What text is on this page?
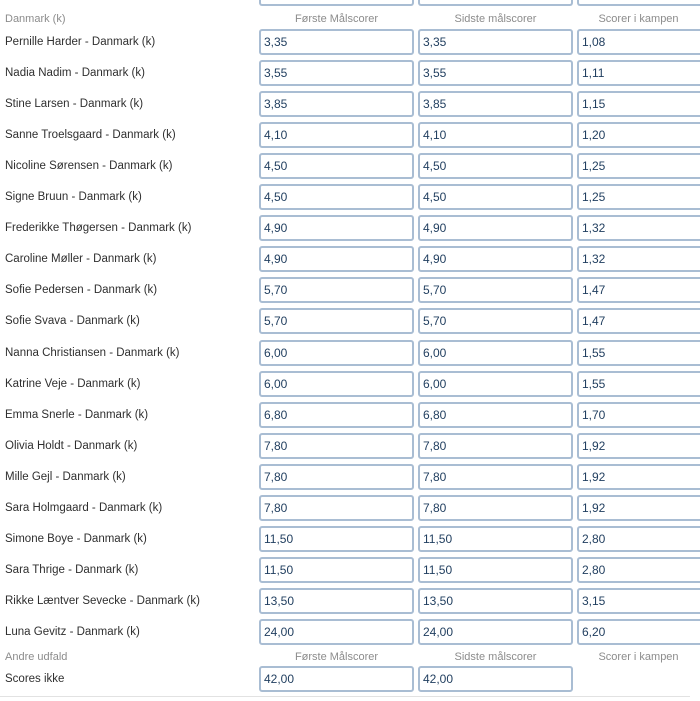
Danmark (k)	Første Målscorer	Sidste målscorer	Scorer i kampen
Pernille Harder - Danmark (k)	3,35	3,35	1,08
Nadia Nadim - Danmark (k)	3,55	3,55	1,11
Stine Larsen - Danmark (k)	3,85	3,85	1,15
Sanne Troelsgaard - Danmark (k)	4,10	4,10	1,20
Nicoline Sørensen - Danmark (k)	4,50	4,50	1,25
Signe Bruun - Danmark (k)	4,50	4,50	1,25
Frederikke Thøgersen - Danmark (k)	4,90	4,90	1,32
Caroline Møller - Danmark (k)	4,90	4,90	1,32
Sofie Pedersen - Danmark (k)	5,70	5,70	1,47
Sofie Svava - Danmark (k)	5,70	5,70	1,47
Nanna Christiansen - Danmark (k)	6,00	6,00	1,55
Katrine Veje - Danmark (k)	6,00	6,00	1,55
Emma Snerle - Danmark (k)	6,80	6,80	1,70
Olivia Holdt - Danmark (k)	7,80	7,80	1,92
Mille Gejl - Danmark (k)	7,80	7,80	1,92
Sara Holmgaard - Danmark (k)	7,80	7,80	1,92
Simone Boye - Danmark (k)	11,50	11,50	2,80
Sara Thrige - Danmark (k)	11,50	11,50	2,80
Rikke Læntver Sevecke - Danmark (k)	13,50	13,50	3,15
Luna Gevitz - Danmark (k)	24,00	24,00	6,20
Andre udfald	Første Målscorer	Sidste målscorer	Scorer i kampen
Scores ikke	42,00	42,00
